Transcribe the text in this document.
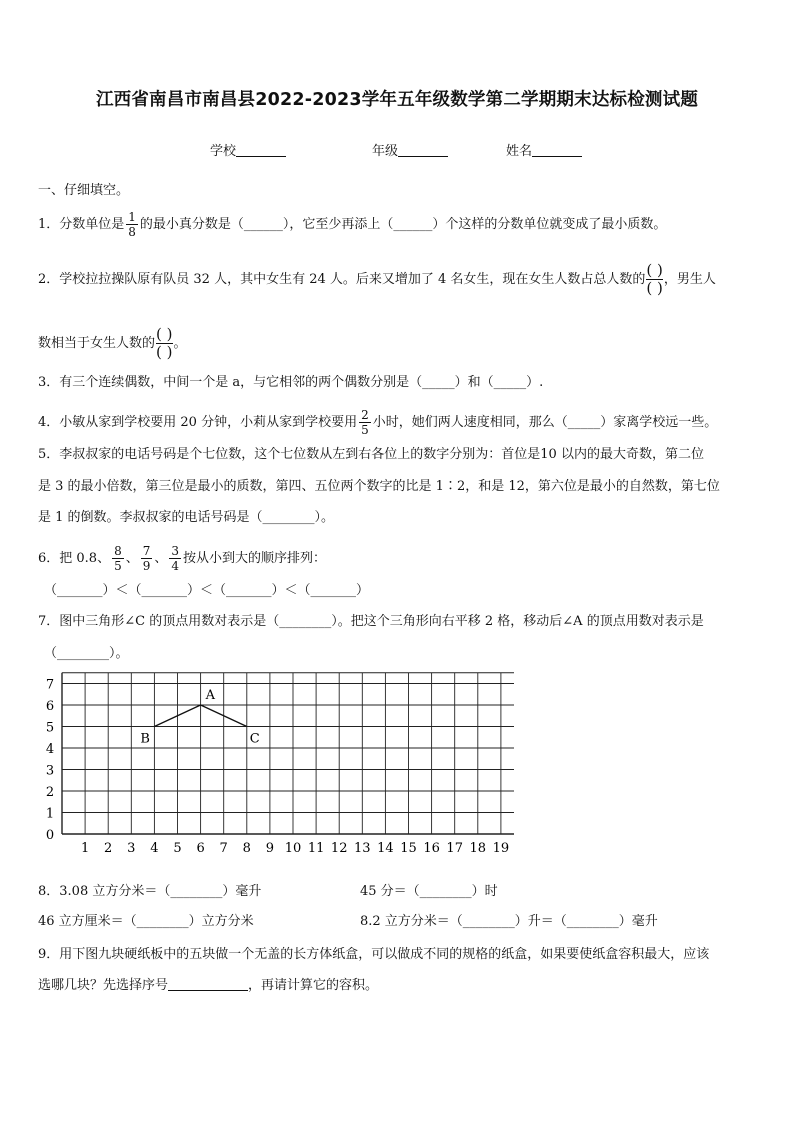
江西省南昌市南昌县2022-2023学年五年级数学第二学期期末达标检测试题
学校	年级	姓名
一、仔细填空。
1．分数单位是 $\frac{1}{8}$ 的最小真分数是（______），它至少再添上（______）个这样的分数单位就变成了最小质数。
2．学校拉拉操队原有队员 32 人，其中女生有 24 人。后来又增加了 4 名女生，现在女生人数占总人数的 $\frac{( )}{( )}$ ，男生人
数相当于女生人数的 $\frac{( )}{( )}$ 。
3．有三个连续偶数，中间一个是 a，与它相邻的两个偶数分别是（_____）和（_____）.
4．小敏从家到学校要用 20 分钟，小莉从家到学校要用 $\frac{2}{5}$ 小时，她们两人速度相同，那么（_____）家离学校远一些。
5．李叔叔家的电话号码是个七位数，这个七位数从左到右各位上的数字分别为：首位是10 以内的最大奇数，第二位
是 3 的最小倍数，第三位是最小的质数，第四、五位两个数字的比是 1∶2，和是 12，第六位是最小的自然数，第七位
是 1 的倒数。李叔叔家的电话号码是（________）。
6．把 0.8、 $\frac{8}{5}$ 、 $\frac{7}{9}$ 、 $\frac{3}{4}$ 按从小到大的顺序排列：
（_______）＜（_______）＜（_______）＜（_______）
7．图中三角形∠C 的顶点用数对表示是（________）。把这个三角形向右平移 2 格，移动后∠A 的顶点用数对表示是
（________）。
1 2 3 4 5 6 7 8 9 10 11 12 13 14 15 16 17 18 19
0
1
2
3
4
5
6
7
A
B	C
8．3.08 立方分米＝（________）毫升	45 分＝（________）时
46 立方厘米＝（________）立方分米	8.2 立方分米＝（________）升＝（________）毫升
9．用下图九块硬纸板中的五块做一个无盖的长方体纸盒，可以做成不同的规格的纸盒，如果要使纸盒容积最大，应该
选哪几块？先选择序号	，再请计算它的容积。
